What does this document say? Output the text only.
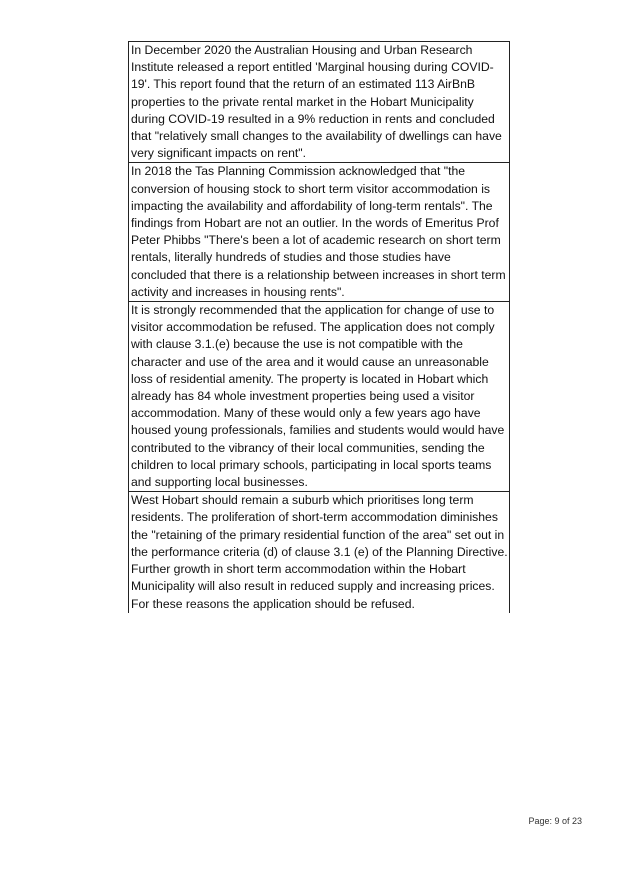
In December 2020 the Australian Housing and Urban Research Institute released a report entitled 'Marginal housing during COVID-19'. This report found that the return of an estimated 113 AirBnB properties to the private rental market in the Hobart Municipality during COVID-19 resulted in a 9% reduction in rents and concluded that "relatively small changes to the availability of dwellings can have very significant impacts on rent".
In 2018 the Tas Planning Commission acknowledged that "the conversion of housing stock to short term visitor accommodation is impacting the availability and affordability of long-term rentals". The findings from Hobart are not an outlier. In the words of Emeritus Prof Peter Phibbs "There's been a lot of academic research on short term rentals, literally hundreds of studies and those studies have concluded that there is a relationship between increases in short term activity and increases in housing rents".
It is strongly recommended that the application for change of use to visitor accommodation be refused. The application does not comply with clause 3.1.(e) because the use is not compatible with the character and use of the area and it would cause an unreasonable loss of residential amenity. The property is located in Hobart which already has 84 whole investment properties being used a visitor accommodation. Many of these would only a few years ago have housed young professionals, families and students would would have contributed to the vibrancy of their local communities, sending the children to local primary schools, participating in local sports teams and supporting local businesses.
West Hobart should remain a suburb which prioritises long term residents. The proliferation of short-term accommodation diminishes the "retaining of the primary residential function of the area" set out in the performance criteria (d) of clause 3.1 (e) of the Planning Directive. Further growth in short term accommodation within the Hobart Municipality will also result in reduced supply and increasing prices. For these reasons the application should be refused.
Page: 9 of 23
